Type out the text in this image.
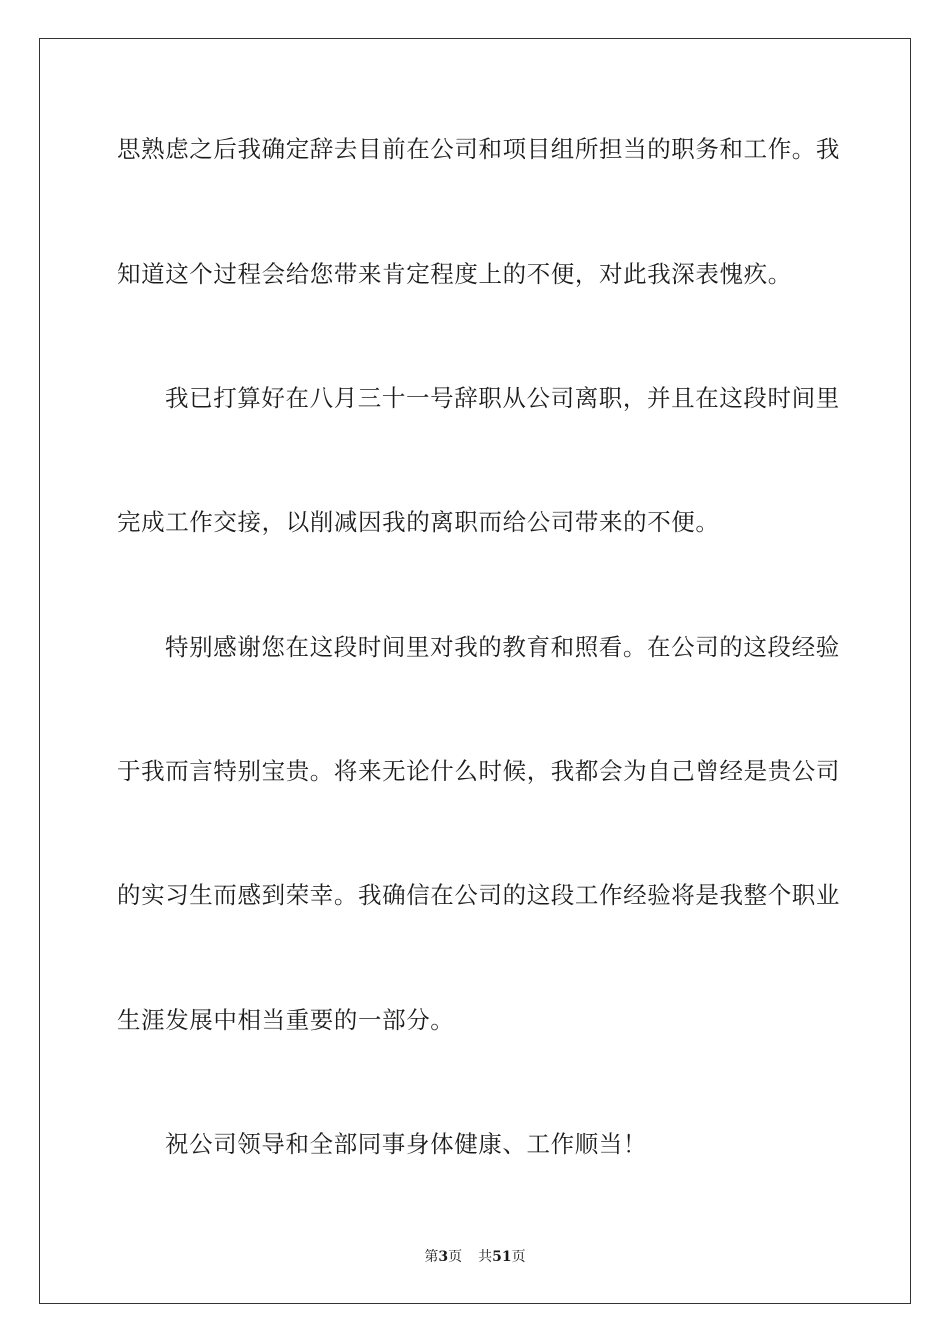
思熟虑之后我确定辞去目前在公司和项目组所担当的职务和工作。我
知道这个过程会给您带来肯定程度上的不便，对此我深表愧疚。
我已打算好在八月三十一号辞职从公司离职，并且在这段时间里
完成工作交接，以削减因我的离职而给公司带来的不便。
特别感谢您在这段时间里对我的教育和照看。在公司的这段经验
于我而言特别宝贵。将来无论什么时候，我都会为自己曾经是贵公司
的实习生而感到荣幸。我确信在公司的这段工作经验将是我整个职业
生涯发展中相当重要的一部分。
祝公司领导和全部同事身体健康、工作顺当！
第3页 共51页
